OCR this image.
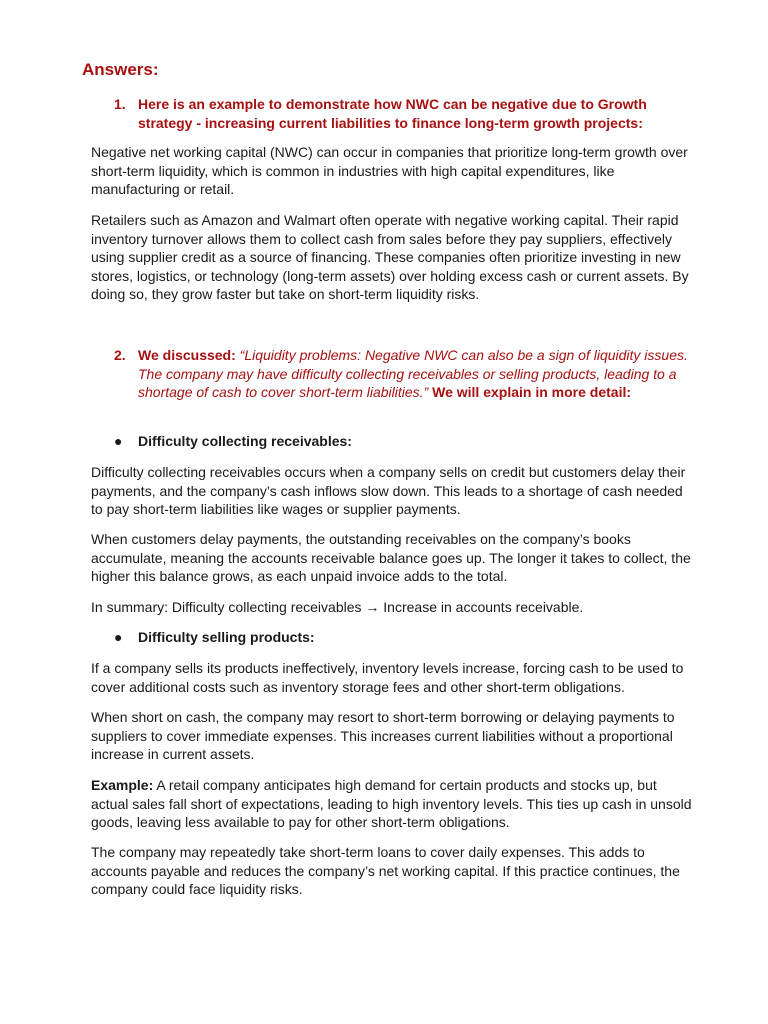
Answers:
1. Here is an example to demonstrate how NWC can be negative due to Growth strategy - increasing current liabilities to finance long-term growth projects:

Negative net working capital (NWC) can occur in companies that prioritize long-term growth over short-term liquidity, which is common in industries with high capital expenditures, like manufacturing or retail.

Retailers such as Amazon and Walmart often operate with negative working capital. Their rapid inventory turnover allows them to collect cash from sales before they pay suppliers, effectively using supplier credit as a source of financing. These companies often prioritize investing in new stores, logistics, or technology (long-term assets) over holding excess cash or current assets. By doing so, they grow faster but take on short-term liquidity risks.

2. We discussed: “Liquidity problems: Negative NWC can also be a sign of liquidity issues. The company may have difficulty collecting receivables or selling products, leading to a shortage of cash to cover short-term liabilities.” We will explain in more detail:
● Difficulty collecting receivables:

Difficulty collecting receivables occurs when a company sells on credit but customers delay their payments, and the company’s cash inflows slow down. This leads to a shortage of cash needed to pay short-term liabilities like wages or supplier payments.

When customers delay payments, the outstanding receivables on the company’s books accumulate, meaning the accounts receivable balance goes up. The longer it takes to collect, the higher this balance grows, as each unpaid invoice adds to the total.

In summary: Difficulty collecting receivables → Increase in accounts receivable.

● Difficulty selling products:

If a company sells its products ineffectively, inventory levels increase, forcing cash to be used to cover additional costs such as inventory storage fees and other short-term obligations.

When short on cash, the company may resort to short-term borrowing or delaying payments to suppliers to cover immediate expenses. This increases current liabilities without a proportional increase in current assets.

Example: A retail company anticipates high demand for certain products and stocks up, but actual sales fall short of expectations, leading to high inventory levels. This ties up cash in unsold goods, leaving less available to pay for other short-term obligations.

The company may repeatedly take short-term loans to cover daily expenses. This adds to accounts payable and reduces the company’s net working capital. If this practice continues, the company could face liquidity risks.
